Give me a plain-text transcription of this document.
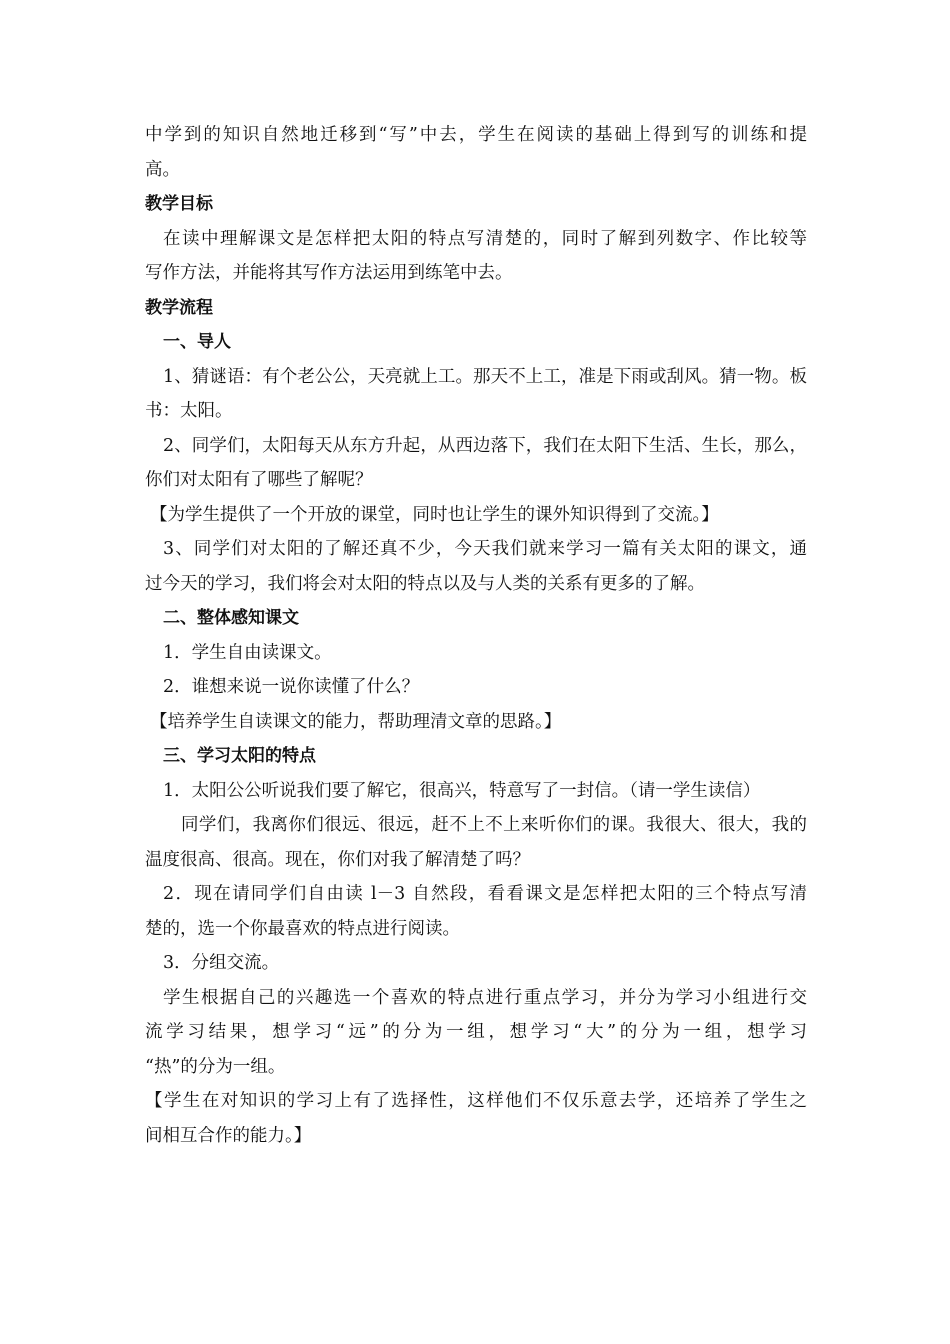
中学到的知识自然地迁移到“写”中去，学生在阅读的基础上得到写的训练和提
高。
教学目标
在读中理解课文是怎样把太阳的特点写清楚的，同时了解到列数字、作比较等
写作方法，并能将其写作方法运用到练笔中去。
教学流程
一、导人
1、猜谜语：有个老公公，天亮就上工。那天不上工，准是下雨或刮风。猜一物。板
书：太阳。
2、同学们，太阳每天从东方升起，从西边落下，我们在太阳下生活、生长，那么，
你们对太阳有了哪些了解呢？
【为学生提供了一个开放的课堂，同时也让学生的课外知识得到了交流。】
3、同学们对太阳的了解还真不少，今天我们就来学习一篇有关太阳的课文，通
过今天的学习，我们将会对太阳的特点以及与人类的关系有更多的了解。
二、整体感知课文
1．学生自由读课文。
2．谁想来说一说你读懂了什么？
【培养学生自读课文的能力，帮助理清文章的思路。】
三、学习太阳的特点
1．太阳公公听说我们要了解它，很高兴，特意写了一封信。（请一学生读信）
同学们，我离你们很远、很远，赶不上不上来听你们的课。我很大、很大，我的
温度很高、很高。现在，你们对我了解清楚了吗？
2．现在请同学们自由读 l－3 自然段，看看课文是怎样把太阳的三个特点写清
楚的，选一个你最喜欢的特点进行阅读。
3．分组交流。
学生根据自己的兴趣选一个喜欢的特点进行重点学习，并分为学习小组进行交
流学习结果，想学习“远”的分为一组，想学习“大”的分为一组，想学习
“热”的分为一组。
【学生在对知识的学习上有了选择性，这样他们不仅乐意去学，还培养了学生之
间相互合作的能力。】
